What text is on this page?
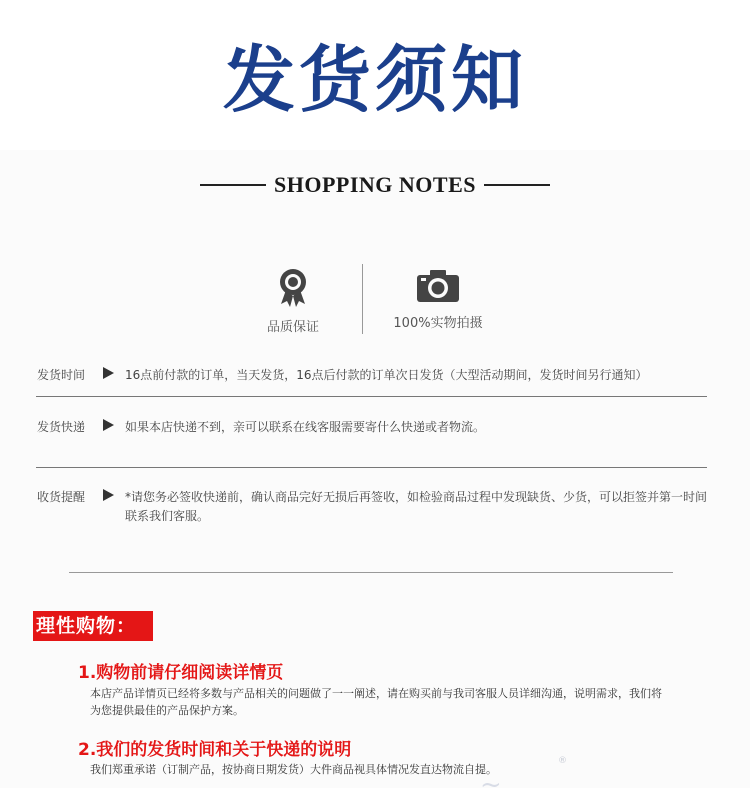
发货须知
SHOPPING NOTES
品质保证	100%实物拍摄
发货时间	16点前付款的订单，当天发货，16点后付款的订单次日发货（大型活动期间，发货时间另行通知）
发货快递	如果本店快递不到，亲可以联系在线客服需要寄什么快递或者物流。
收货提醒	*请您务必签收快递前，确认商品完好无损后再签收，如检验商品过程中发现缺货、少货，可以拒签并第一时间联系我们客服。
理性购物：
1.购物前请仔细阅读详情页
本店产品详情页已经将多数与产品相关的问题做了一一阐述，请在购买前与我司客服人员详细沟通，说明需求，我们将为您提供最佳的产品保护方案。
2.我们的发货时间和关于快递的说明
我们郑重承诺（订制产品，按协商日期发货）大件商品视具体情况发直达物流自提。
~
®
